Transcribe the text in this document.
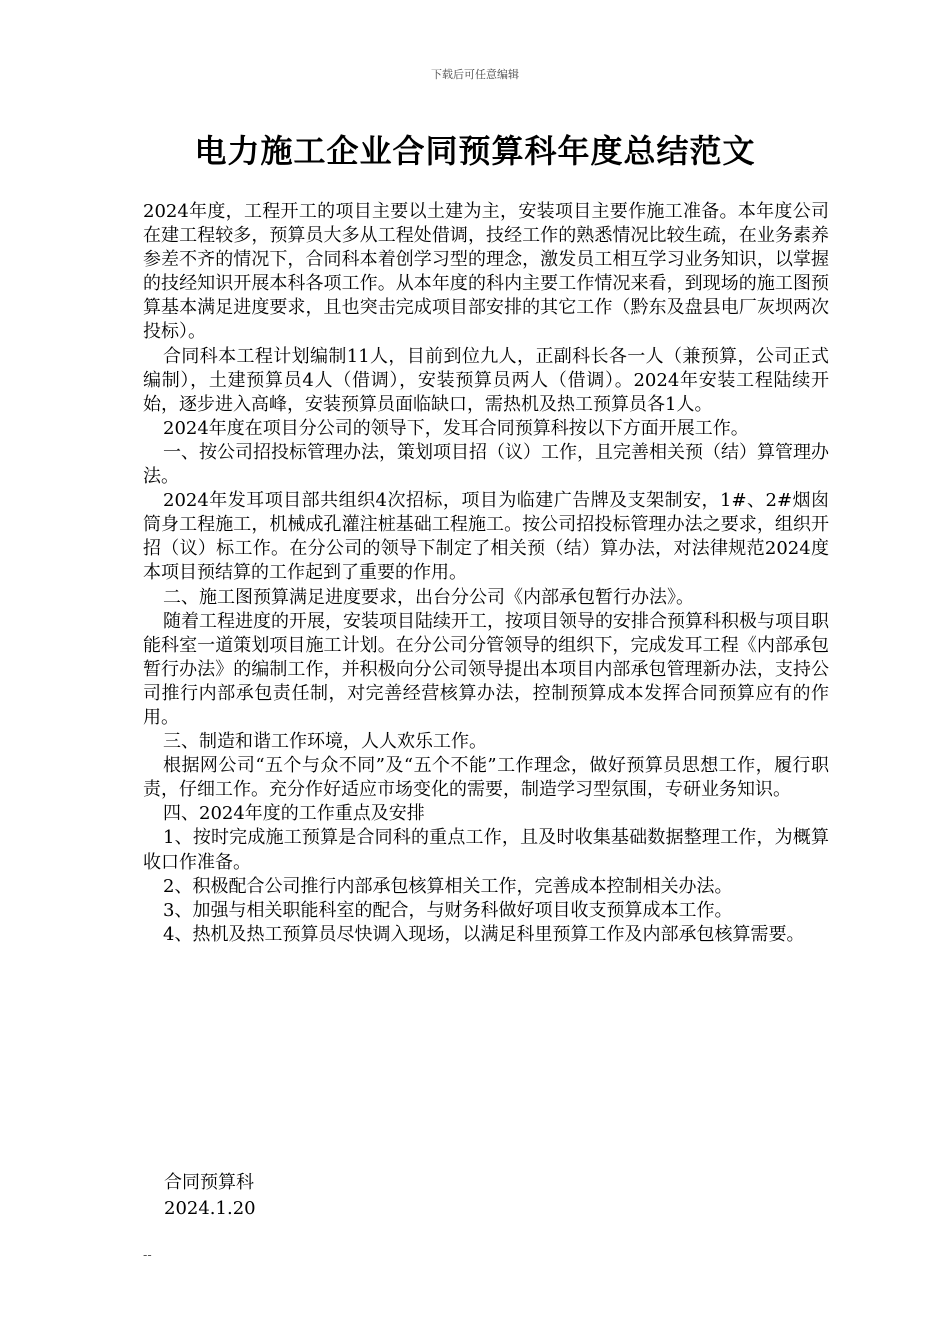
下载后可任意编辑
电力施工企业合同预算科年度总结范文

2024年度，工程开工的项目主要以土建为主，安装项目主要作施工准备。本年度公司在建工程较多，预算员大多从工程处借调，技经工作的熟悉情况比较生疏，在业务素养参差不齐的情况下，合同科本着创学习型的理念，激发员工相互学习业务知识，以掌握的技经知识开展本科各项工作。从本年度的科内主要工作情况来看，到现场的施工图预算基本满足进度要求，且也突击完成项目部安排的其它工作（黔东及盘县电厂灰坝两次投标）。

合同科本工程计划编制11人，目前到位九人，正副科长各一人（兼预算，公司正式编制），土建预算员4人（借调），安装预算员两人（借调）。2024年安装工程陆续开始，逐步进入高峰，安装预算员面临缺口，需热机及热工预算员各1人。

2024年度在项目分公司的领导下，发耳合同预算科按以下方面开展工作。

一、按公司招投标管理办法，策划项目招（议）工作，且完善相关预（结）算管理办法。

2024年发耳项目部共组织4次招标，项目为临建广告牌及支架制安，1#、2#烟囱筒身工程施工，机械成孔灌注桩基础工程施工。按公司招投标管理办法之要求，组织开招（议）标工作。在分公司的领导下制定了相关预（结）算办法，对法律规范2024度本项目预结算的工作起到了重要的作用。

二、施工图预算满足进度要求，出台分公司《内部承包暂行办法》。

随着工程进度的开展，安装项目陆续开工，按项目领导的安排合预算科积极与项目职能科室一道策划项目施工计划。在分公司分管领导的组织下，完成发耳工程《内部承包暂行办法》的编制工作，并积极向分公司领导提出本项目内部承包管理新办法，支持公司推行内部承包责任制，对完善经营核算办法，控制预算成本发挥合同预算应有的作用。

三、制造和谐工作环境，人人欢乐工作。

根据网公司“五个与众不同”及“五个不能”工作理念，做好预算员思想工作，履行职责，仔细工作。充分作好适应市场变化的需要，制造学习型氛围，专研业务知识。

四、2024年度的工作重点及安排

1、按时完成施工预算是合同科的重点工作，且及时收集基础数据整理工作，为概算收口作准备。

2、积极配合公司推行内部承包核算相关工作，完善成本控制相关办法。

3、加强与相关职能科室的配合，与财务科做好项目收支预算成本工作。

4、热机及热工预算员尽快调入现场，以满足科里预算工作及内部承包核算需要。

合同预算科
2024.1.20
--
